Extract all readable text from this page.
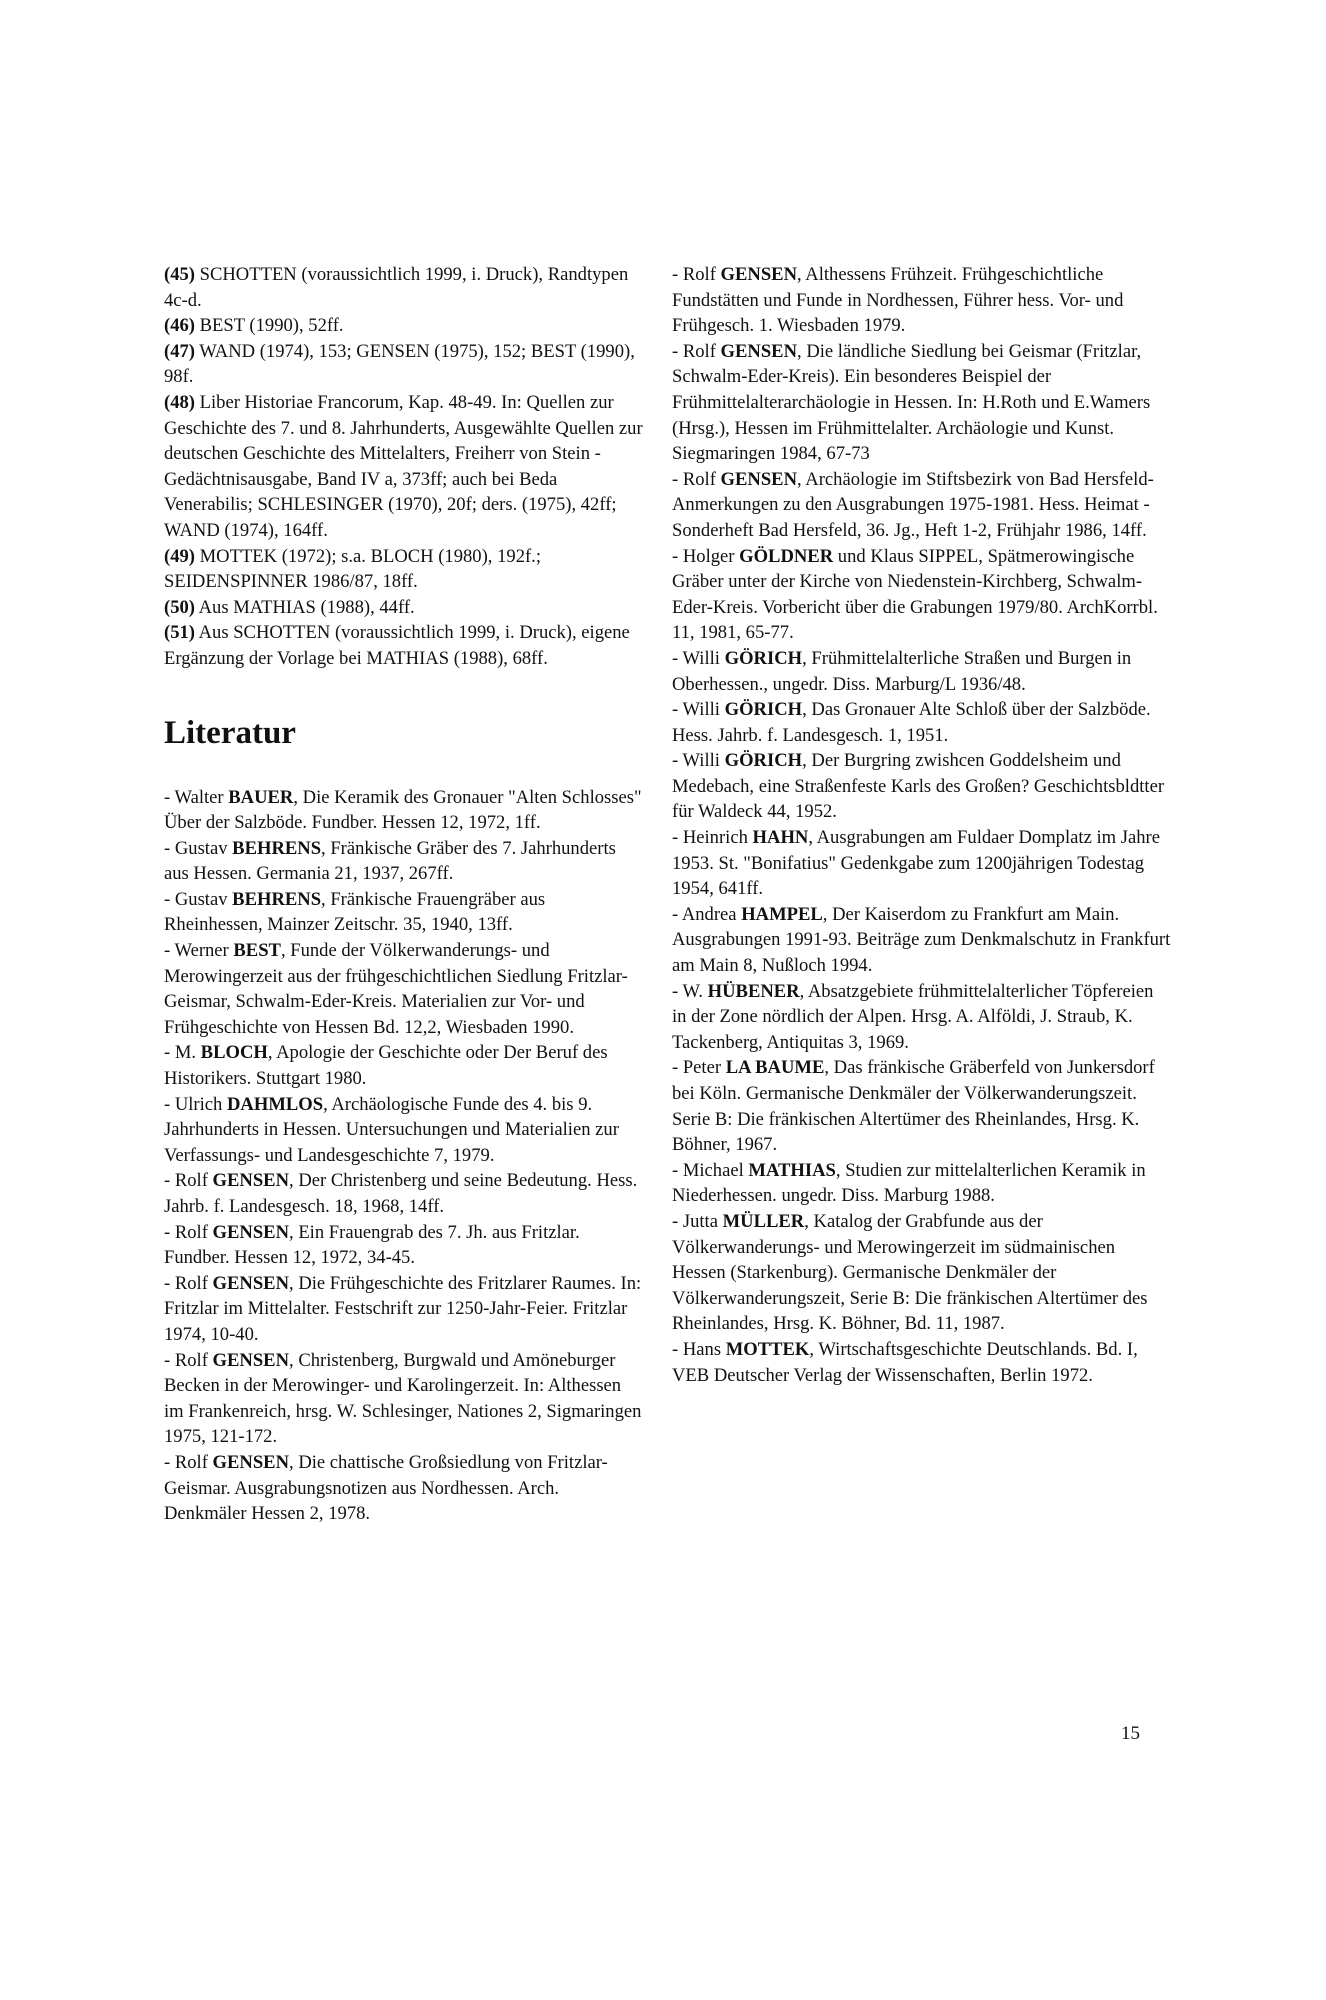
(45) SCHOTTEN (voraussichtlich 1999, i. Druck), Randtypen 4c-d.

(46) BEST (1990), 52ff.

(47) WAND (1974), 153; GENSEN (1975), 152; BEST (1990), 98f.

(48) Liber Historiae Francorum, Kap. 48-49. In: Quellen zur Geschichte des 7. und 8. Jahrhunderts, Ausgewählte Quellen zur deutschen Geschichte des Mittelalters, Freiherr von Stein - Gedächtnisausgabe, Band IV a, 373ff; auch bei Beda Venerabilis; SCHLESINGER (1970), 20f; ders. (1975), 42ff; WAND (1974), 164ff.

(49) MOTTEK (1972); s.a. BLOCH (1980), 192f.; SEIDENSPINNER 1986/87, 18ff.

(50) Aus MATHIAS (1988), 44ff.

(51) Aus SCHOTTEN (voraussichtlich 1999, i. Druck), eigene Ergänzung der Vorlage bei MATHIAS (1988), 68ff.

Literatur

- Walter BAUER, Die Keramik des Gronauer "Alten Schlosses" Über der Salzböde. Fundber. Hessen 12, 1972, 1ff.

- Gustav BEHRENS, Fränkische Gräber des 7. Jahrhunderts aus Hessen. Germania 21, 1937, 267ff.

- Gustav BEHRENS, Fränkische Frauengräber aus Rheinhessen, Mainzer Zeitschr. 35, 1940, 13ff.

- Werner BEST, Funde der Völkerwanderungs- und Merowingerzeit aus der frühgeschichtlichen Siedlung Fritzlar-Geismar, Schwalm-Eder-Kreis. Materialien zur Vor- und Frühgeschichte von Hessen Bd. 12,2, Wiesbaden 1990.

- M. BLOCH, Apologie der Geschichte oder Der Beruf des Historikers. Stuttgart 1980.

- Ulrich DAHMLOS, Archäologische Funde des 4. bis 9. Jahrhunderts in Hessen. Untersuchungen und Materialien zur Verfassungs- und Landesgeschichte 7, 1979.

- Rolf GENSEN, Der Christenberg und seine Bedeutung. Hess. Jahrb. f. Landesgesch. 18, 1968, 14ff.

- Rolf GENSEN, Ein Frauengrab des 7. Jh. aus Fritzlar. Fundber. Hessen 12, 1972, 34-45.

- Rolf GENSEN, Die Frühgeschichte des Fritzlarer Raumes. In: Fritzlar im Mittelalter. Festschrift zur 1250-Jahr-Feier. Fritzlar 1974, 10-40.

- Rolf GENSEN, Christenberg, Burgwald und Amöneburger Becken in der Merowinger- und Karolingerzeit. In: Althessen im Frankenreich, hrsg. W. Schlesinger, Nationes 2, Sigmaringen 1975, 121-172.

- Rolf GENSEN, Die chattische Großsiedlung von Fritzlar-Geismar. Ausgrabungsnotizen aus Nordhessen. Arch. Denkmäler Hessen 2, 1978.

- Rolf GENSEN, Althessens Frühzeit. Frühgeschichtliche Fundstätten und Funde in Nordhessen, Führer hess. Vor- und Frühgesch. 1. Wiesbaden 1979.

- Rolf GENSEN, Die ländliche Siedlung bei Geismar (Fritzlar, Schwalm-Eder-Kreis). Ein besonderes Beispiel der Frühmittelalterarchäologie in Hessen. In: H.Roth und E.Wamers (Hrsg.), Hessen im Frühmittelalter. Archäologie und Kunst. Siegmaringen 1984, 67-73

- Rolf GENSEN, Archäologie im Stiftsbezirk von Bad Hersfeld-Anmerkungen zu den Ausgrabungen 1975-1981. Hess. Heimat - Sonderheft Bad Hersfeld, 36. Jg., Heft 1-2, Frühjahr 1986, 14ff.

- Holger GÖLDNER und Klaus SIPPEL, Spätmerowingische Gräber unter der Kirche von Niedenstein-Kirchberg, Schwalm-Eder-Kreis. Vorbericht über die Grabungen 1979/80. ArchKorrbl. 11, 1981, 65-77.

- Willi GÖRICH, Frühmittelalterliche Straßen und Burgen in Oberhessen., ungedr. Diss. Marburg/L 1936/48.

- Willi GÖRICH, Das Gronauer Alte Schloß über der Salzböde. Hess. Jahrb. f. Landesgesch. 1, 1951.

- Willi GÖRICH, Der Burgring zwishcen Goddelsheim und Medebach, eine Straßenfeste Karls des Großen? Geschichtsbldtter für Waldeck 44, 1952.

- Heinrich HAHN, Ausgrabungen am Fuldaer Domplatz im Jahre 1953. St. "Bonifatius" Gedenkgabe zum 1200jährigen Todestag 1954, 641ff.

- Andrea HAMPEL, Der Kaiserdom zu Frankfurt am Main. Ausgrabungen 1991-93. Beiträge zum Denkmalschutz in Frankfurt am Main 8, Nußloch 1994.

- W. HÜBENER, Absatzgebiete frühmittelalterlicher Töpfereien in der Zone nördlich der Alpen. Hrsg. A. Alföldi, J. Straub, K. Tackenberg, Antiquitas 3, 1969.

- Peter LA BAUME, Das fränkische Gräberfeld von Junkersdorf bei Köln. Germanische Denkmäler der Völkerwanderungszeit. Serie B: Die fränkischen Altertümer des Rheinlandes, Hrsg. K. Böhner, 1967.

- Michael MATHIAS, Studien zur mittelalterlichen Keramik in Niederhessen. ungedr. Diss. Marburg 1988.

- Jutta MÜLLER, Katalog der Grabfunde aus der Völkerwanderungs- und Merowingerzeit im südmainischen Hessen (Starkenburg). Germanische Denkmäler der Völkerwanderungszeit, Serie B: Die fränkischen Altertümer des Rheinlandes, Hrsg. K. Böhner, Bd. 11, 1987.

- Hans MOTTEK, Wirtschaftsgeschichte Deutschlands. Bd. I, VEB Deutscher Verlag der Wissenschaften, Berlin 1972.

15
